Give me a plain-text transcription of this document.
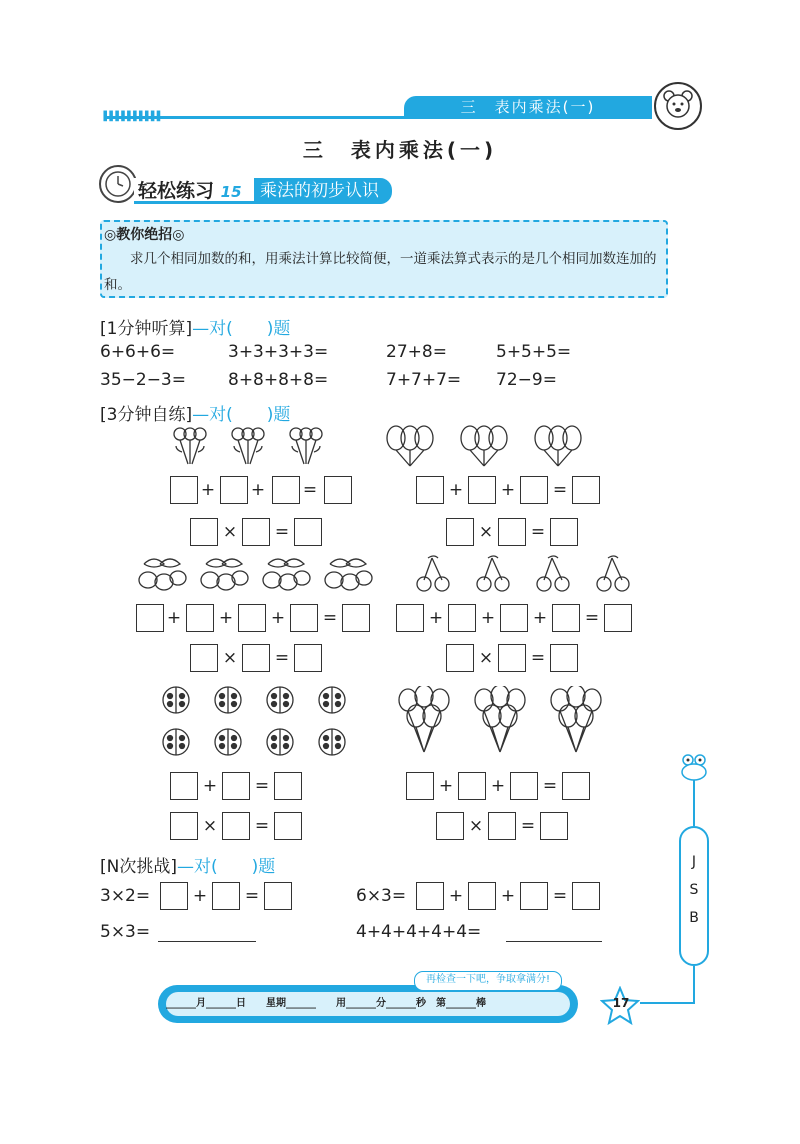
▐▐▐▐▐▐▐▐▐▐
三　表内乘法(一)
三　表内乘法(一)
轻松练习 15	乘法的初步认识
◎教你绝招◎
求几个相同加数的和，用乘法计算比较简便，一道乘法算式表示的是几个相同加数连加的和。
[1分钟听算]—对(　　)题
6+6+6=	3+3+3+3=	27+8=	5+5+5=
35−2−3= 8+8+8+8=	7+7+7= 72−9=
[3分钟自练]—对(　　)题
+ + =	+ + =
× =	× =
+ + + =	+ + + =
× =	× =
+ =	+ + =
× =	× =
[N次挑战]—对(　　)题
3×2=	+ =	6×3=	+ + =
5×3=	4+4+4+4+4=
J
S
B
______月______日　　星期______　　用______分______秒　第______棒
再检查一下吧，争取拿满分!
17
